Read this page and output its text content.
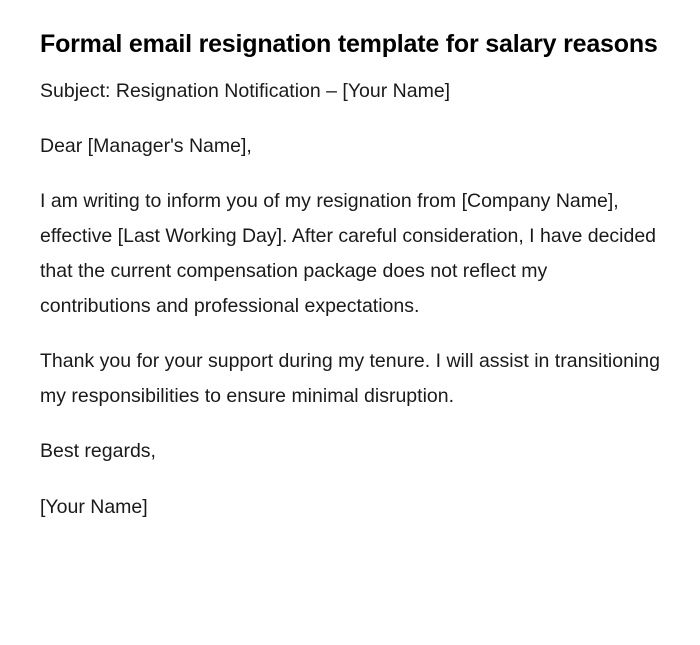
Formal email resignation template for salary reasons

Subject: Resignation Notification – [Your Name]

Dear [Manager's Name],

I am writing to inform you of my resignation from [Company Name], effective [Last Working Day]. After careful consideration, I have decided that the current compensation package does not reflect my contributions and professional expectations.

Thank you for your support during my tenure. I will assist in transitioning my responsibilities to ensure minimal disruption.

Best regards,

[Your Name]
